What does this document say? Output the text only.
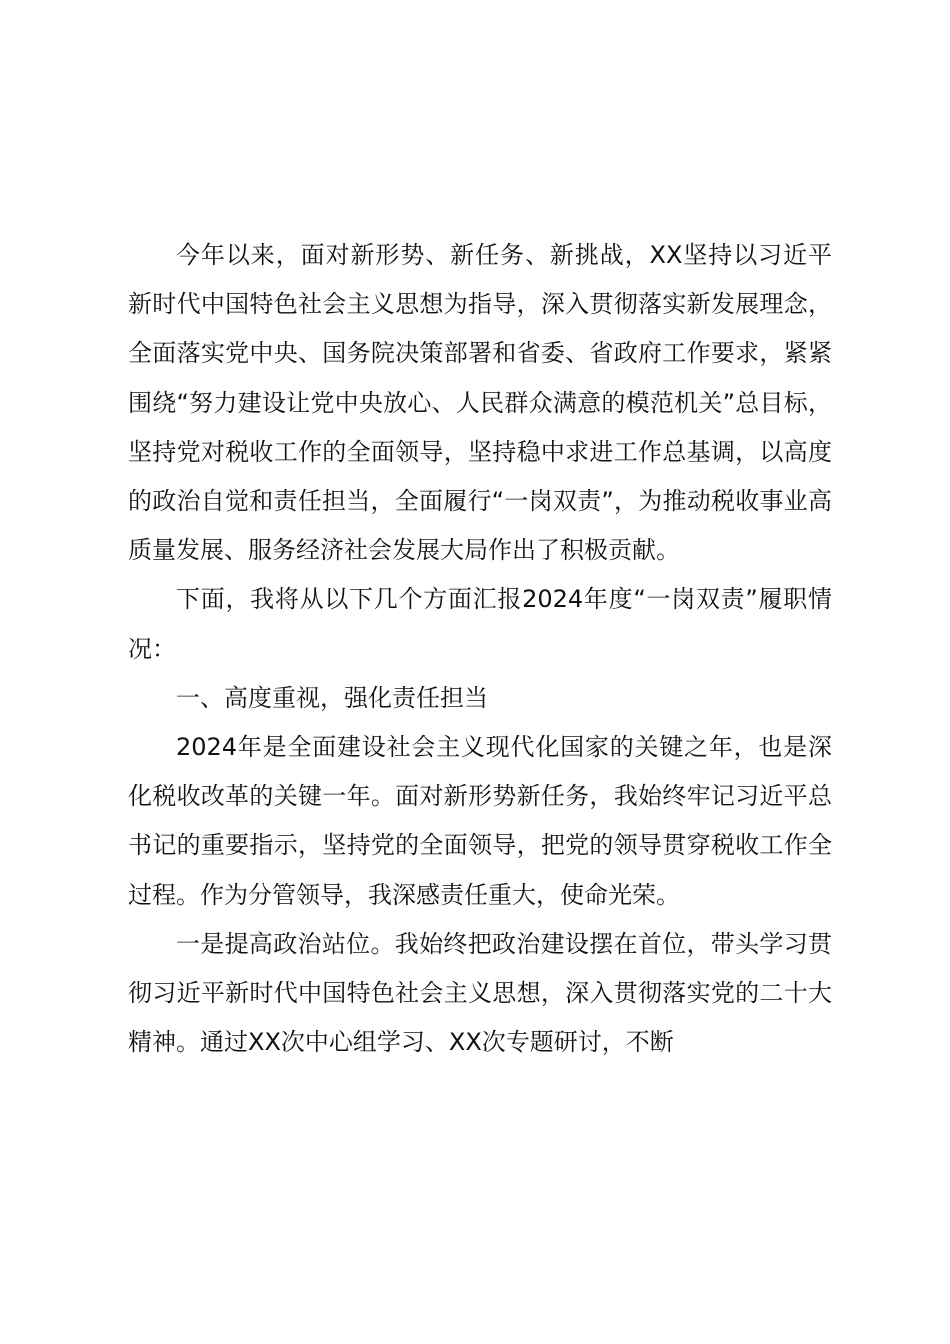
今年以来，面对新形势、新任务、新挑战，XX坚持以习近平新时代中国特色社会主义思想为指导，深入贯彻落实新发展理念，全面落实党中央、国务院决策部署和省委、省政府工作要求，紧紧围绕“努力建设让党中央放心、人民群众满意的模范机关”总目标，坚持党对税收工作的全面领导，坚持稳中求进工作总基调，以高度的政治自觉和责任担当，全面履行“一岗双责”，为推动税收事业高质量发展、服务经济社会发展大局作出了积极贡献。

下面，我将从以下几个方面汇报2024年度“一岗双责”履职情况：

一、高度重视，强化责任担当

2024年是全面建设社会主义现代化国家的关键之年，也是深化税收改革的关键一年。面对新形势新任务，我始终牢记习近平总书记的重要指示，坚持党的全面领导，把党的领导贯穿税收工作全过程。作为分管领导，我深感责任重大，使命光荣。

一是提高政治站位。我始终把政治建设摆在首位，带头学习贯彻习近平新时代中国特色社会主义思想，深入贯彻落实党的二十大精神。通过XX次中心组学习、XX次专题研讨，不断
